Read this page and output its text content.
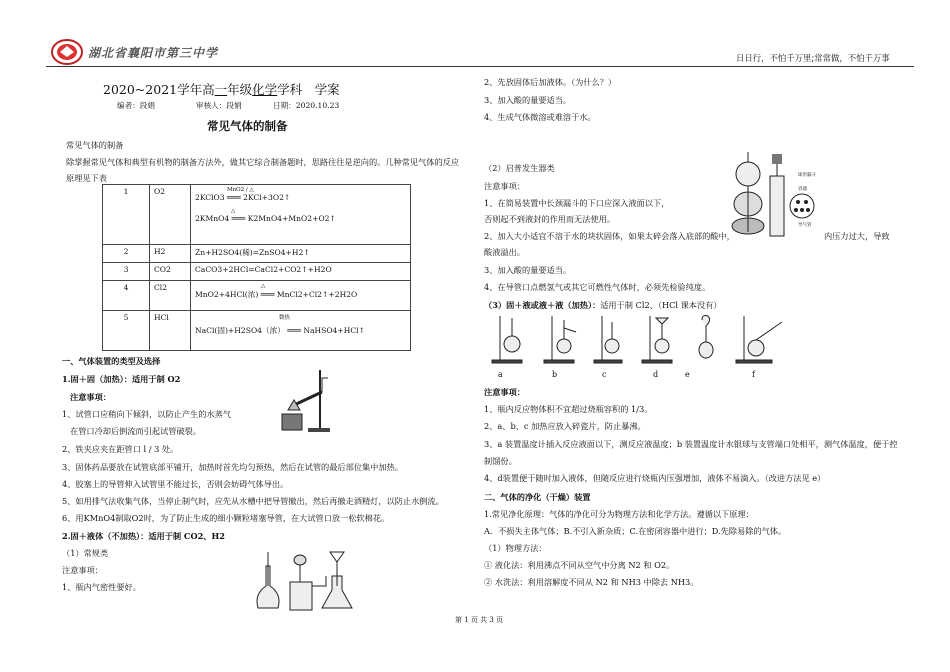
湖北省襄阳市第三中学	日日行，不怕千万里;常常做，不怕千万事
2020~2021学年高一年级化学学科　学案
编者：段娟	审核人：段娟	日期：2020.10.23
常见气体的制备
常见气体的制备
除掌握常见气体和典型有机物的制备方法外，做其它综合制备题时，思路往往是逆向的。几种常见气体的反应
原理见下表
1	O2	MnO2 / △
2KClO3 ═══ 2KCl+3O2↑
△
2KMnO4 ═══ K2MnO4+MnO2+O2↑

2	H2	Zn+H2SO4(稀)=ZnSO4+H2↑
3	CO2	CaCO3+2HCl=CaCl2+CO2↑+H2O
4	Cl2	△
MnO2+4HCl(浓) ═══ MnCl2+Cl2↑+2H2O

5	HCl	微热
NaCl(固)+H2SO4（浓） ═══ NaHSO4+HCl↑
一、气体装置的类型及选择
1.固＋固（加热）：适用于制 O2
注意事项：
1、试管口应稍向下倾斜，以防止产生的水蒸气
在管口冷却后倒流而引起试管破裂。
2、铁夹应夹在距管口 l / 3 处。
3、固体药品要放在试管底部平铺开，加热时首先均匀预热，然后在试管的最后部位集中加热。
4、胶塞上的导管伸入试管里不能过长，否则会妨碍气体导出。
5、如用排气法收集气体，当停止制气时，应先从水槽中把导管撤出，然后再撤走酒精灯，以防止水倒流。
6、用KMnO4制取O2时，为了防止生成的细小颗粒堵塞导管，在大试管口放一松软棉花。
2.固＋液体（不加热）：适用于制 CO2、H2
（1）常规类
注意事项：
1、瓶内气密性要好。
2、先放固体后加液体。（为什么？）
3、加入酸的量要适当。
4、生成气体微溶或难溶于水。
（2）启普发生器类
注意事项：
1、在简易装置中长颈漏斗的下口应深入液面以下，
否则起不到液封的作用而无法使用。
2、加入大小适宜不溶于水的块状固体，如果太碎会落入底部的酸中，	内压力过大，导致
酸液溢出。
3、加入酸的量要适当。
4、在导管口点燃氢气或其它可燃性气体时，必须先检验纯度。
（3）固＋液或液＋液（加热）：适用于制 Cl2、（HCl 课本没有）
球形漏斗
容器
导气管
a	b	c	d	e	f
注意事项：
1、瓶内反应物体积不宜超过烧瓶容积的 1/3。
2、a、b、c 加热应放入碎瓷片，防止暴沸。
3、a 装置温度计插入反应液面以下，测反应液温度；b 装置温度计水银球与支管端口处相平，测气体温度，便于控
制馏份。
4、d装置便于随时加入液体，但随反应进行烧瓶内压强增加，液体不易滴入。（改进方法见 e）
二、气体的净化（干燥）装置
1.常见净化原理：气体的净化可分为物理方法和化学方法。遵循以下原理：
A．不损失主体气体；B.不引入新杂质；C.在密闭容器中进行；D.先除易除的气体。
（1）物理方法：
① 液化法：利用沸点不同从空气中分离 N2 和 O2。
② 水洗法：利用溶解度不同从 N2 和 NH3 中除去 NH3。
第 1 页 共 3 页
